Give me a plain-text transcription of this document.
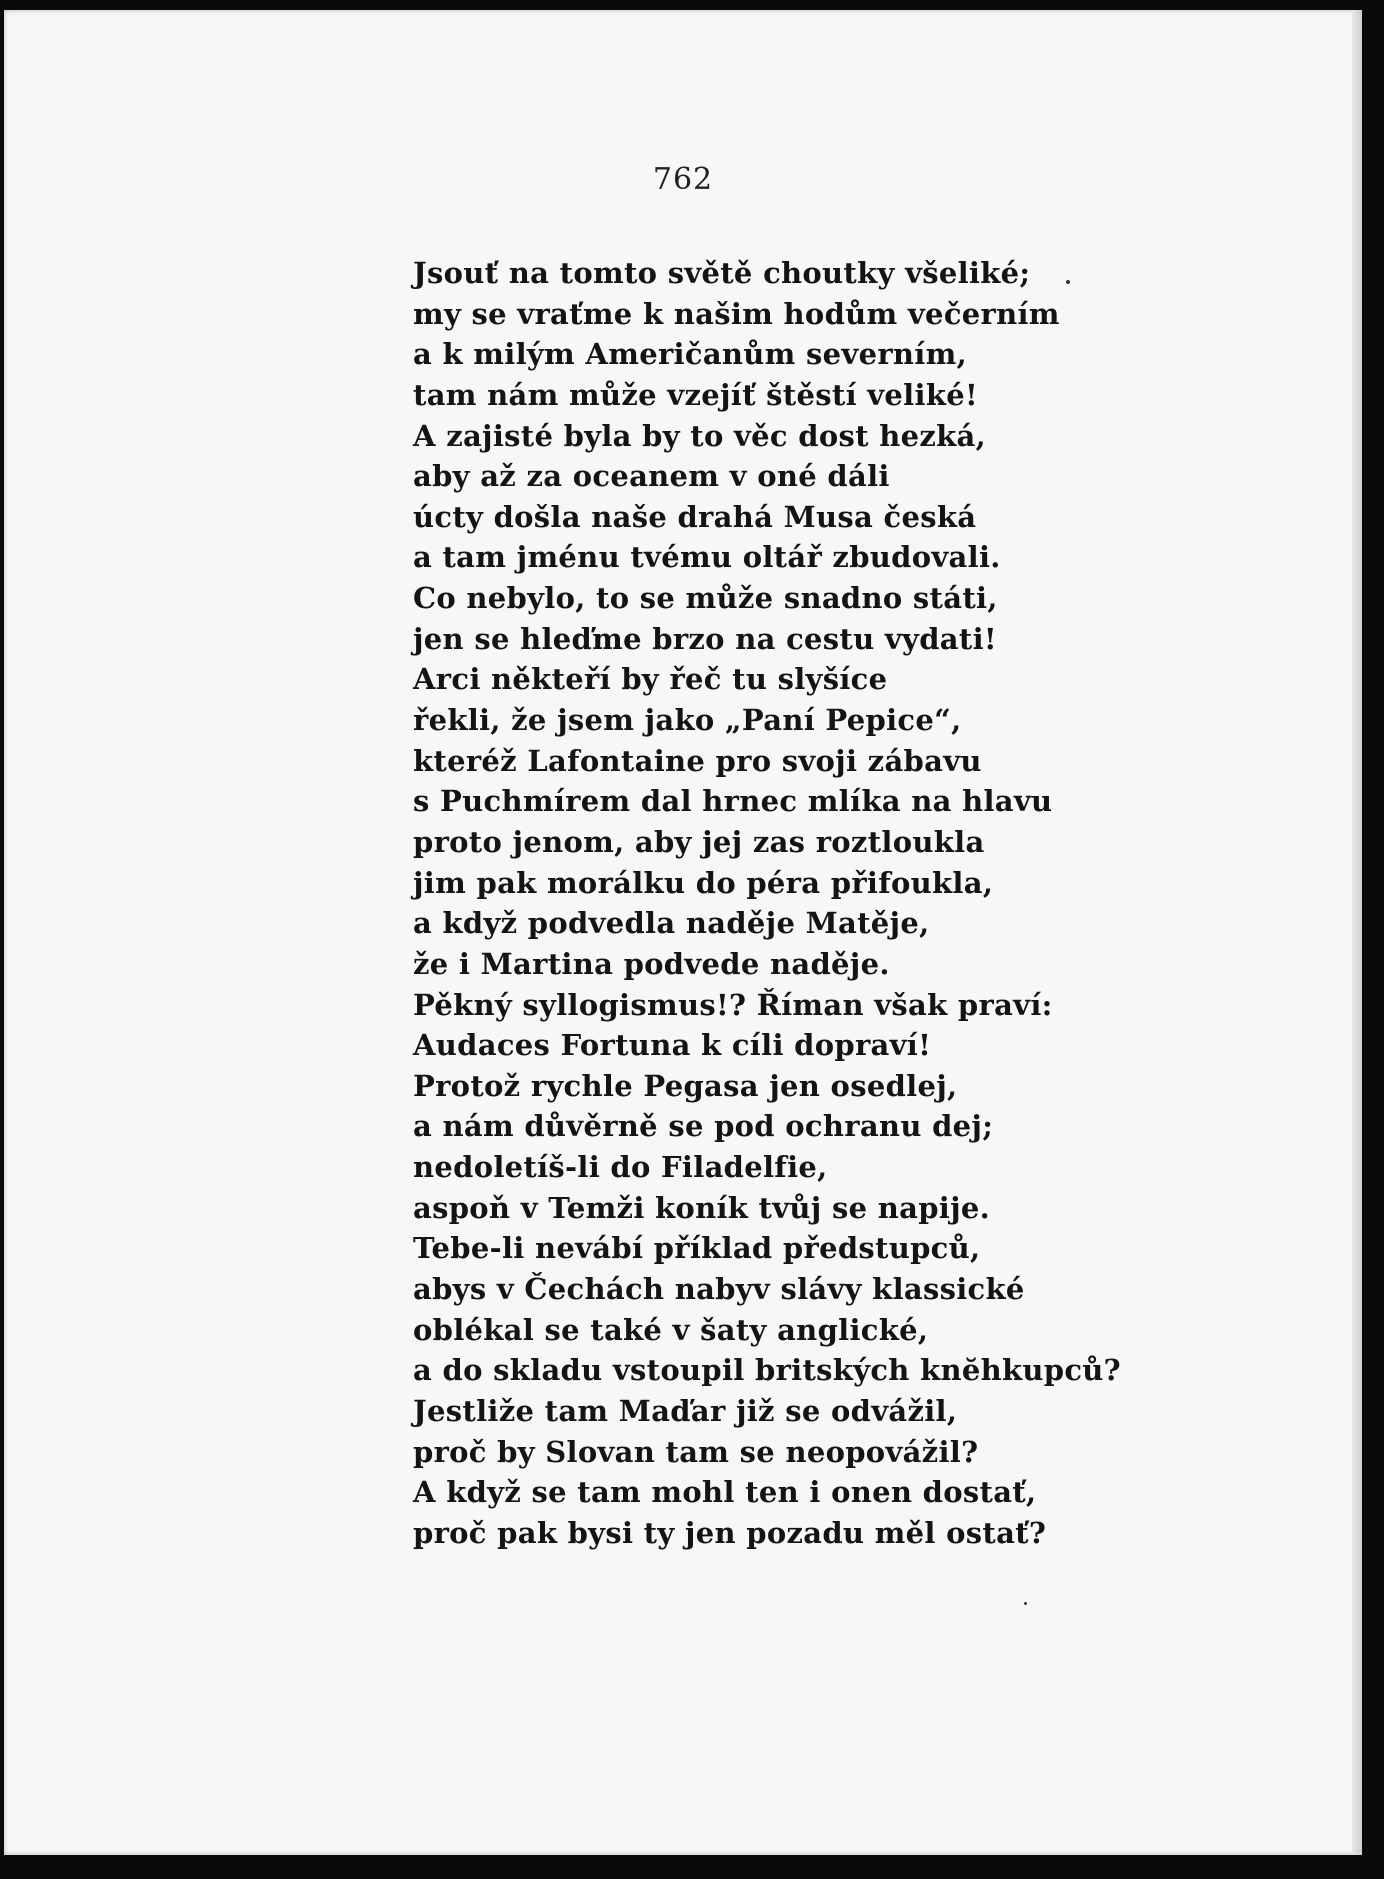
762
Jsouť na tomto světě choutky všeliké;
my se vraťme k našim hodům večerním
a k milým Američanům severním,
tam nám může vzejíť štěstí veliké!
A zajisté byla by to věc dost hezká,
aby až za oceanem v oné dáli
úcty došla naše drahá Musa česká
a tam jménu tvému oltář zbudovali.
Co nebylo, to se může snadno státi,
jen se hleďme brzo na cestu vydati!
Arci někteří by řeč tu slyšíce
řekli, že jsem jako „Paní Pepice“,
kteréž Lafontaine pro svoji zábavu
s Puchmírem dal hrnec mlíka na hlavu
proto jenom, aby jej zas roztloukla
jim pak morálku do péra přifoukla,
a když podvedla naděje Matěje,
že i Martina podvede naděje.
Pěkný syllogismus!? Říman však praví:
Audaces Fortuna k cíli dopraví!
Protož rychle Pegasa jen osedlej,
a nám důvěrně se pod ochranu dej;
nedoletíš-li do Filadelfie,
aspoň v Temži koník tvůj se napije.
Tebe-li nevábí příklad předstupců,
abys v Čechách nabyv slávy klassické
oblékal se také v šaty anglické,
a do skladu vstoupil britských knĕhkupců?
Jestliže tam Maďar již se odvážil,
proč by Slovan tam se neopovážil?
A když se tam mohl ten i onen dostať,
proč pak bysi ty jen pozadu měl ostať?
